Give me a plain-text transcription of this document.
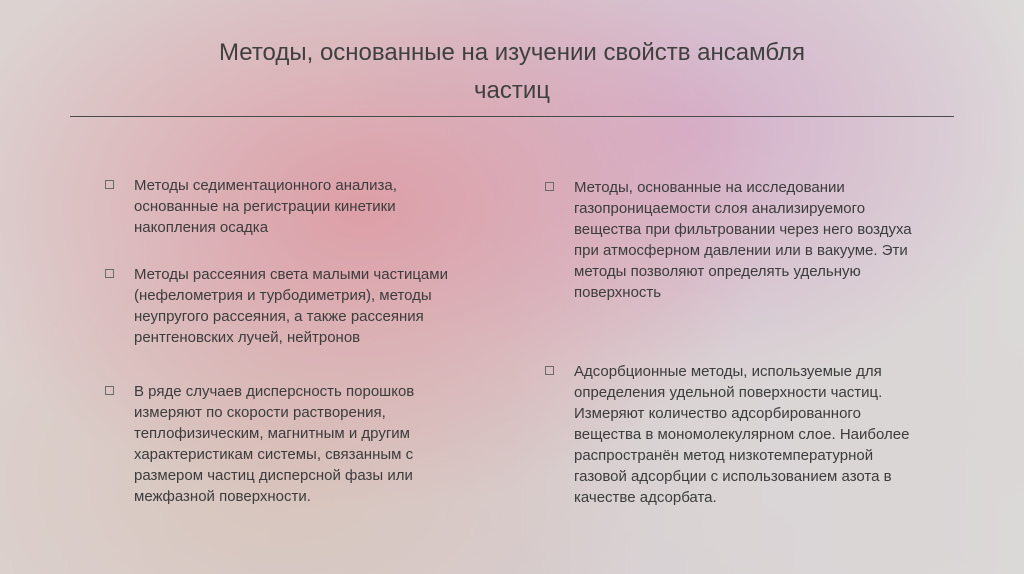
Методы, основанные на изучении свойств ансамбля
частиц
Методы седиментационного анализа,
основанные на регистрации кинетики
накопления осадка
Методы рассеяния света малыми частицами
(нефелометрия и турбодиметрия), методы
неупругого рассеяния, а также рассеяния
рентгеновских лучей, нейтронов
В ряде случаев дисперсность порошков
измеряют по скорости растворения,
теплофизическим, магнитным и другим
характеристикам системы, связанным с
размером частиц дисперсной фазы или
межфазной поверхности.
Методы, основанные на исследовании
газопроницаемости слоя анализируемого
вещества при фильтровании через него воздуха
при атмосферном давлении или в вакууме. Эти
методы позволяют определять удельную
поверхность
Адсорбционные методы, используемые для
определения удельной поверхности частиц.
Измеряют количество адсорбированного
вещества в мономолекулярном слое. Наиболее
распространён метод низкотемпературной
газовой адсорбции с использованием азота в
качестве адсорбата.
